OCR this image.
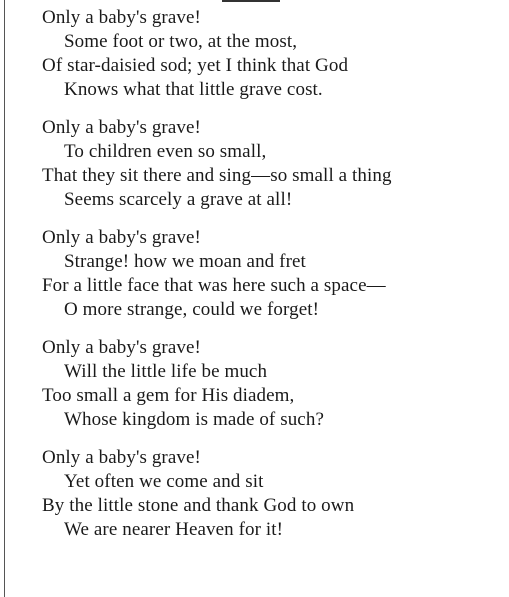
Only a baby's grave!
Some foot or two, at the most,
Of star-daisied sod; yet I think that God
Knows what that little grave cost.
Only a baby's grave!
To children even so small,
That they sit there and sing—so small a thing
Seems scarcely a grave at all!
Only a baby's grave!
Strange! how we moan and fret
For a little face that was here such a space—
O more strange, could we forget!
Only a baby's grave!
Will the little life be much
Too small a gem for His diadem,
Whose kingdom is made of such?
Only a baby's grave!
Yet often we come and sit
By the little stone and thank God to own
We are nearer Heaven for it!
